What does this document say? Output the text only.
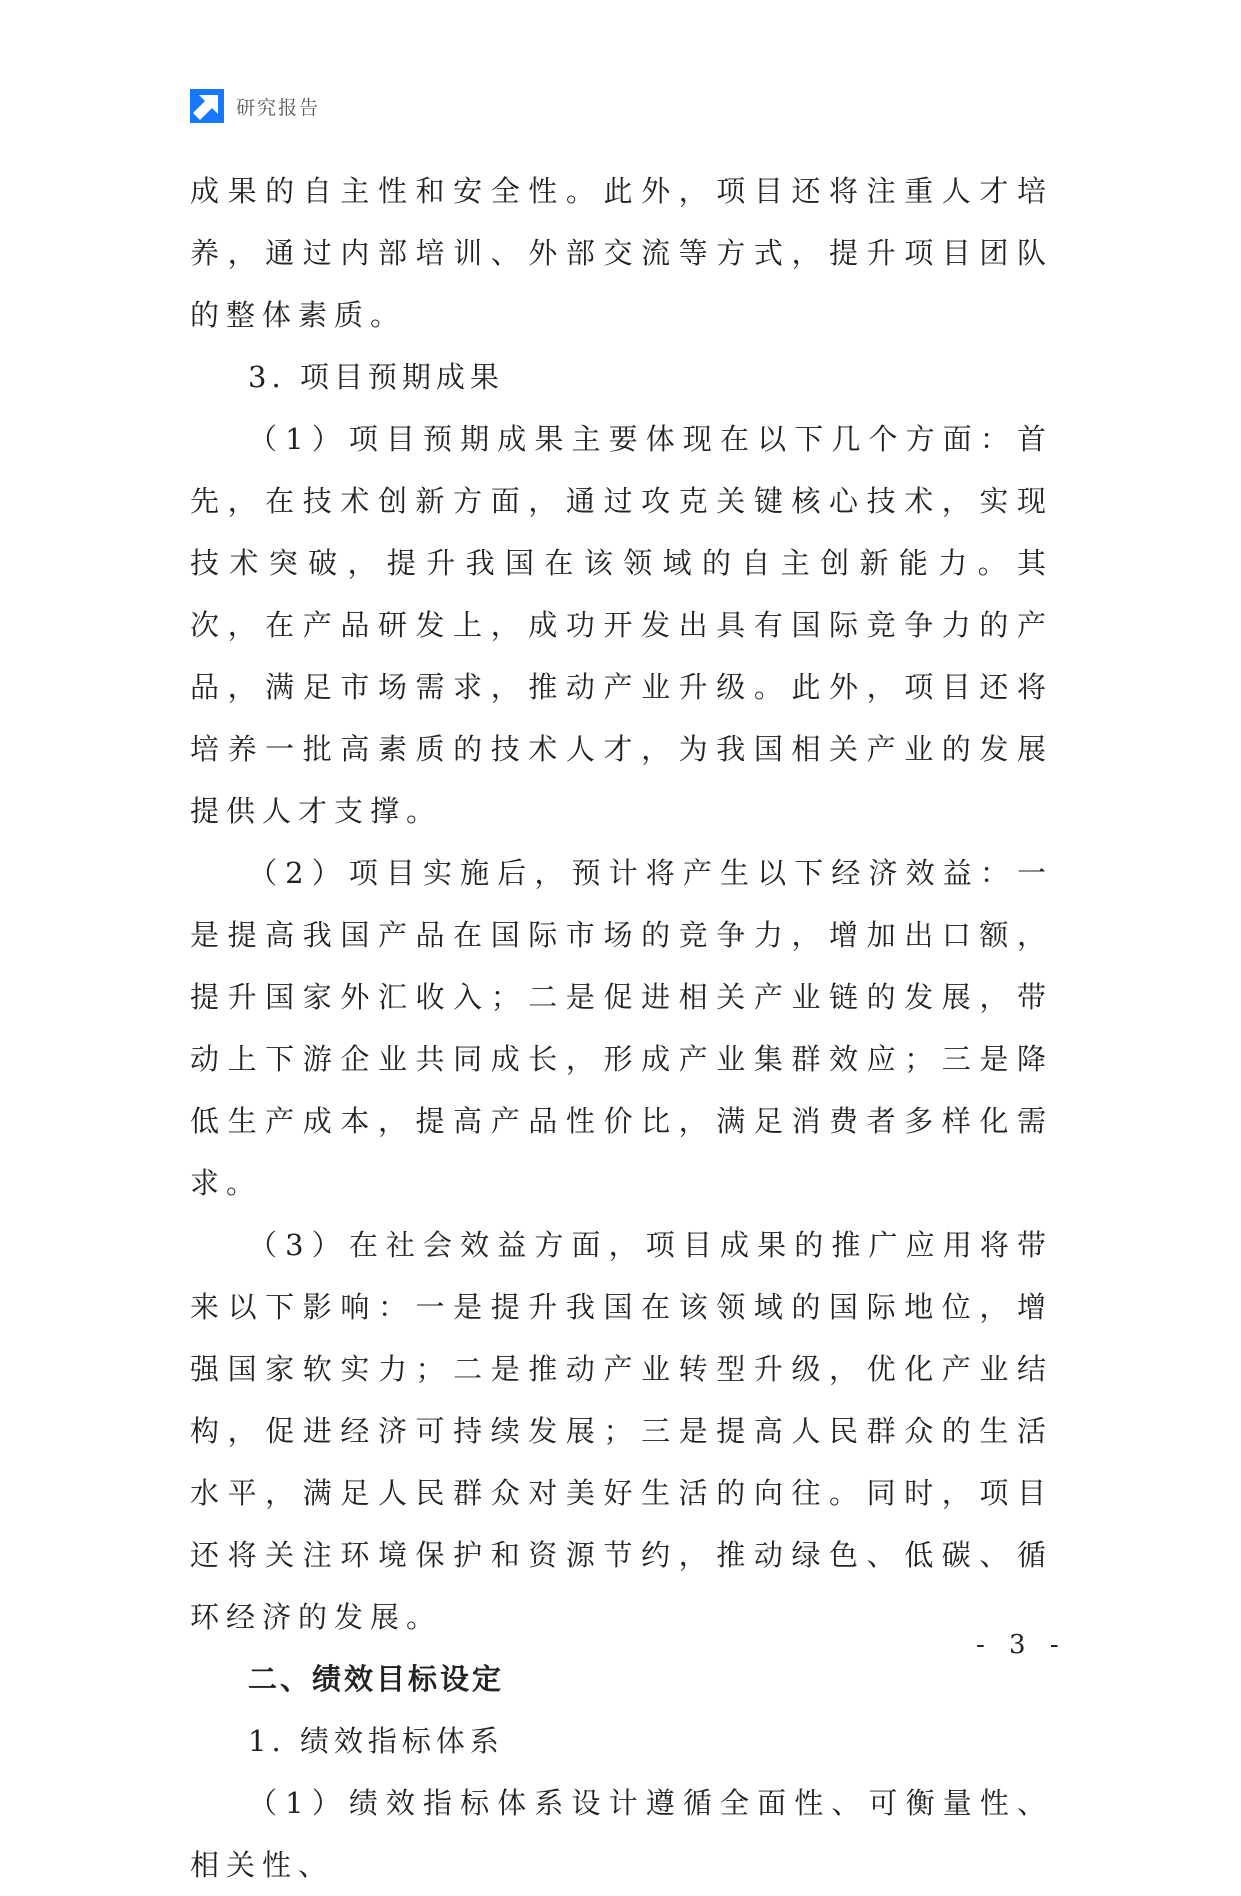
研究报告

成果的自主性和安全性。此外，项目还将注重人才培养，通过内部培训、外部交流等方式，提升项目团队的整体素质。

3. 项目预期成果

（1）项目预期成果主要体现在以下几个方面：首先，在技术创新方面，通过攻克关键核心技术，实现技术突破，提升我国在该领域的自主创新能力。其次，在产品研发上，成功开发出具有国际竞争力的产品，满足市场需求，推动产业升级。此外，项目还将培养一批高素质的技术人才，为我国相关产业的发展提供人才支撑。

（2）项目实施后，预计将产生以下经济效益：一是提高我国产品在国际市场的竞争力，增加出口额，提升国家外汇收入；二是促进相关产业链的发展，带动上下游企业共同成长，形成产业集群效应；三是降低生产成本，提高产品性价比，满足消费者多样化需求。

（3）在社会效益方面，项目成果的推广应用将带来以下影响：一是提升我国在该领域的国际地位，增强国家软实力；二是推动产业转型升级，优化产业结构，促进经济可持续发展；三是提高人民群众的生活水平，满足人民群众对美好生活的向往。同时，项目还将关注环境保护和资源节约，推动绿色、低碳、循环经济的发展。

二、绩效目标设定

1. 绩效指标体系

（1）绩效指标体系设计遵循全面性、可衡量性、相关性、

- 3 -
